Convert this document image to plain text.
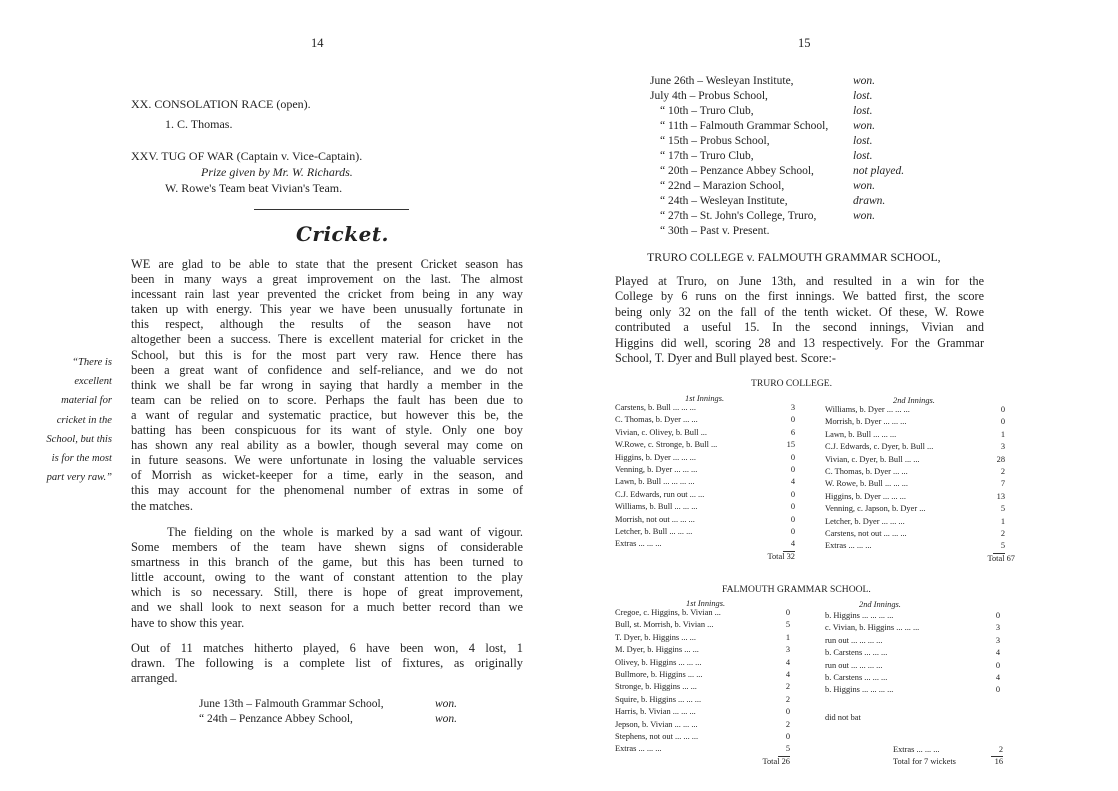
14
XX. CONSOLATION RACE (open).
1. C. Thomas.
XXV. TUG OF WAR (Captain v. Vice-Captain).
Prize given by Mr. W. Richards.
W. Rowe's Team beat Vivian's Team.
Cricket.
“There is
excellent
material for
cricket in the
School, but this
is for the most
part very raw.”
WE are glad to be able to state that the present Cricket season has
been in many ways a great improvement on the last. The almost
incessant rain last year prevented the cricket from being in any way
taken up with energy. This year we have been unusually fortunate in
this respect, although the results of the season have not
altogether been a success. There is excellent material for cricket in the
School, but this is for the most part very raw. Hence there has
been a great want of confidence and self-reliance, and we do not
think we shall be far wrong in saying that hardly a member in the
team can be relied on to score. Perhaps the fault has been due to
a want of regular and systematic practice, but however this be, the
batting has been conspicuous for its want of style. Only one boy
has shown any real ability as a bowler, though several may come on
in future seasons. We were unfortunate in losing the valuable services
of Morrish as wicket-keeper for a time, early in the season, and
this may account for the phenomenal number of extras in some of
the matches.
The fielding on the whole is marked by a sad want of vigour.
Some members of the team have shewn signs of considerable
smartness in this branch of the game, but this has been turned to
little account, owing to the want of constant attention to the play
which is so necessary. Still, there is hope of great improvement,
and we shall look to next season for a much better record than we
have to show this year.
Out of 11 matches hitherto played, 6 have been won, 4 lost, 1
drawn. The following is a complete list of fixtures, as originally
arranged.
June 13th – Falmouth Grammar School,	won.
“ 24th – Penzance Abbey School,	won.
15
June 26th – Wesleyan Institute,	won.
July 4th – Probus School,	lost.
“ 10th – Truro Club,	lost.
“ 11th – Falmouth Grammar School, won.
“ 15th – Probus School,	lost.
“ 17th – Truro Club,	lost.
“ 20th – Penzance Abbey School,	not played.
“ 22nd – Marazion School,	won.
“ 24th – Wesleyan Institute,	drawn.
“ 27th – St. John's College, Truro,	won.
“ 30th – Past v. Present.
TRURO COLLEGE v. FALMOUTH GRAMMAR SCHOOL,
Played at Truro, on June 13th, and resulted in a win for the
College by 6 runs on the first innings. We batted first, the score
being only 32 on the fall of the tenth wicket. Of these, W. Rowe
contributed a useful 15. In the second innings, Vivian and
Higgins did well, scoring 28 and 13 respectively. For the Grammar
School, T. Dyer and Bull played best. Score:-
TRURO COLLEGE.
1st Innings.	2nd Innings.
Carstens, b. Bull ... ... ...	3
C. Thomas, b. Dyer ... ...	0
Vivian, c. Olivey, b. Bull ...	6
W.Rowe, c. Stronge, b. Bull ...	15
Higgins, b. Dyer ... ... ...	0
Venning, b. Dyer ... ... ...	0
Lawn, b. Bull ... ... ... ...	4
C.J. Edwards, run out ... ...	0
Williams, b. Bull ... ... ...	0
Morrish, not out ... ... ...	0
Letcher, b. Bull ... ... ...	0
Extras ... ... ...	4
Total 32
Williams, b. Dyer ... ... ...	0
Morrish, b. Dyer ... ... ...	0
Lawn, b. Bull ... ... ...	1
C.J. Edwards, c. Dyer, b. Bull ...	3
Vivian, c. Dyer, b. Bull ... ...	28
C. Thomas, b. Dyer ... ...	2
W. Rowe, b. Bull ... ... ...	7
Higgins, b. Dyer ... ... ...	13
Venning, c. Japson, b. Dyer ...	5
Letcher, b. Dyer ... ... ...	1
Carstens, not out ... ... ...	2
Extras ... ... ...	5
Total 67
FALMOUTH GRAMMAR SCHOOL.
1st Innings.	2nd Innings.
Cregoe, c. Higgins, b. Vivian ...	0
Bull, st. Morrish, b. Vivian ...	5
T. Dyer, b. Higgins ... ...	1
M. Dyer, b. Higgins ... ...	3
Olivey, b. Higgins ... ... ...	4
Bullmore, b. Higgins ... ...	4
Stronge, b. Higgins ... ...	2
Squire, b. Higgins ... ... ...	2
Harris, b. Vivian ... ... ...	0
Jepson, b. Vivian ... ... ...	2
Stephens, not out ... ... ...	0
Extras ... ... ...	5
Total 26
b. Higgins ... ... ... ...	0
c. Vivian, b. Higgins ... ... ...	3
run out ... ... ... ...	3
b. Carstens ... ... ...	4
run out ... ... ... ...	0
b. Carstens ... ... ...	4
b. Higgins ... ... ... ...	0
did not bat
Extras ... ... ...	2
Total for 7 wickets	16
